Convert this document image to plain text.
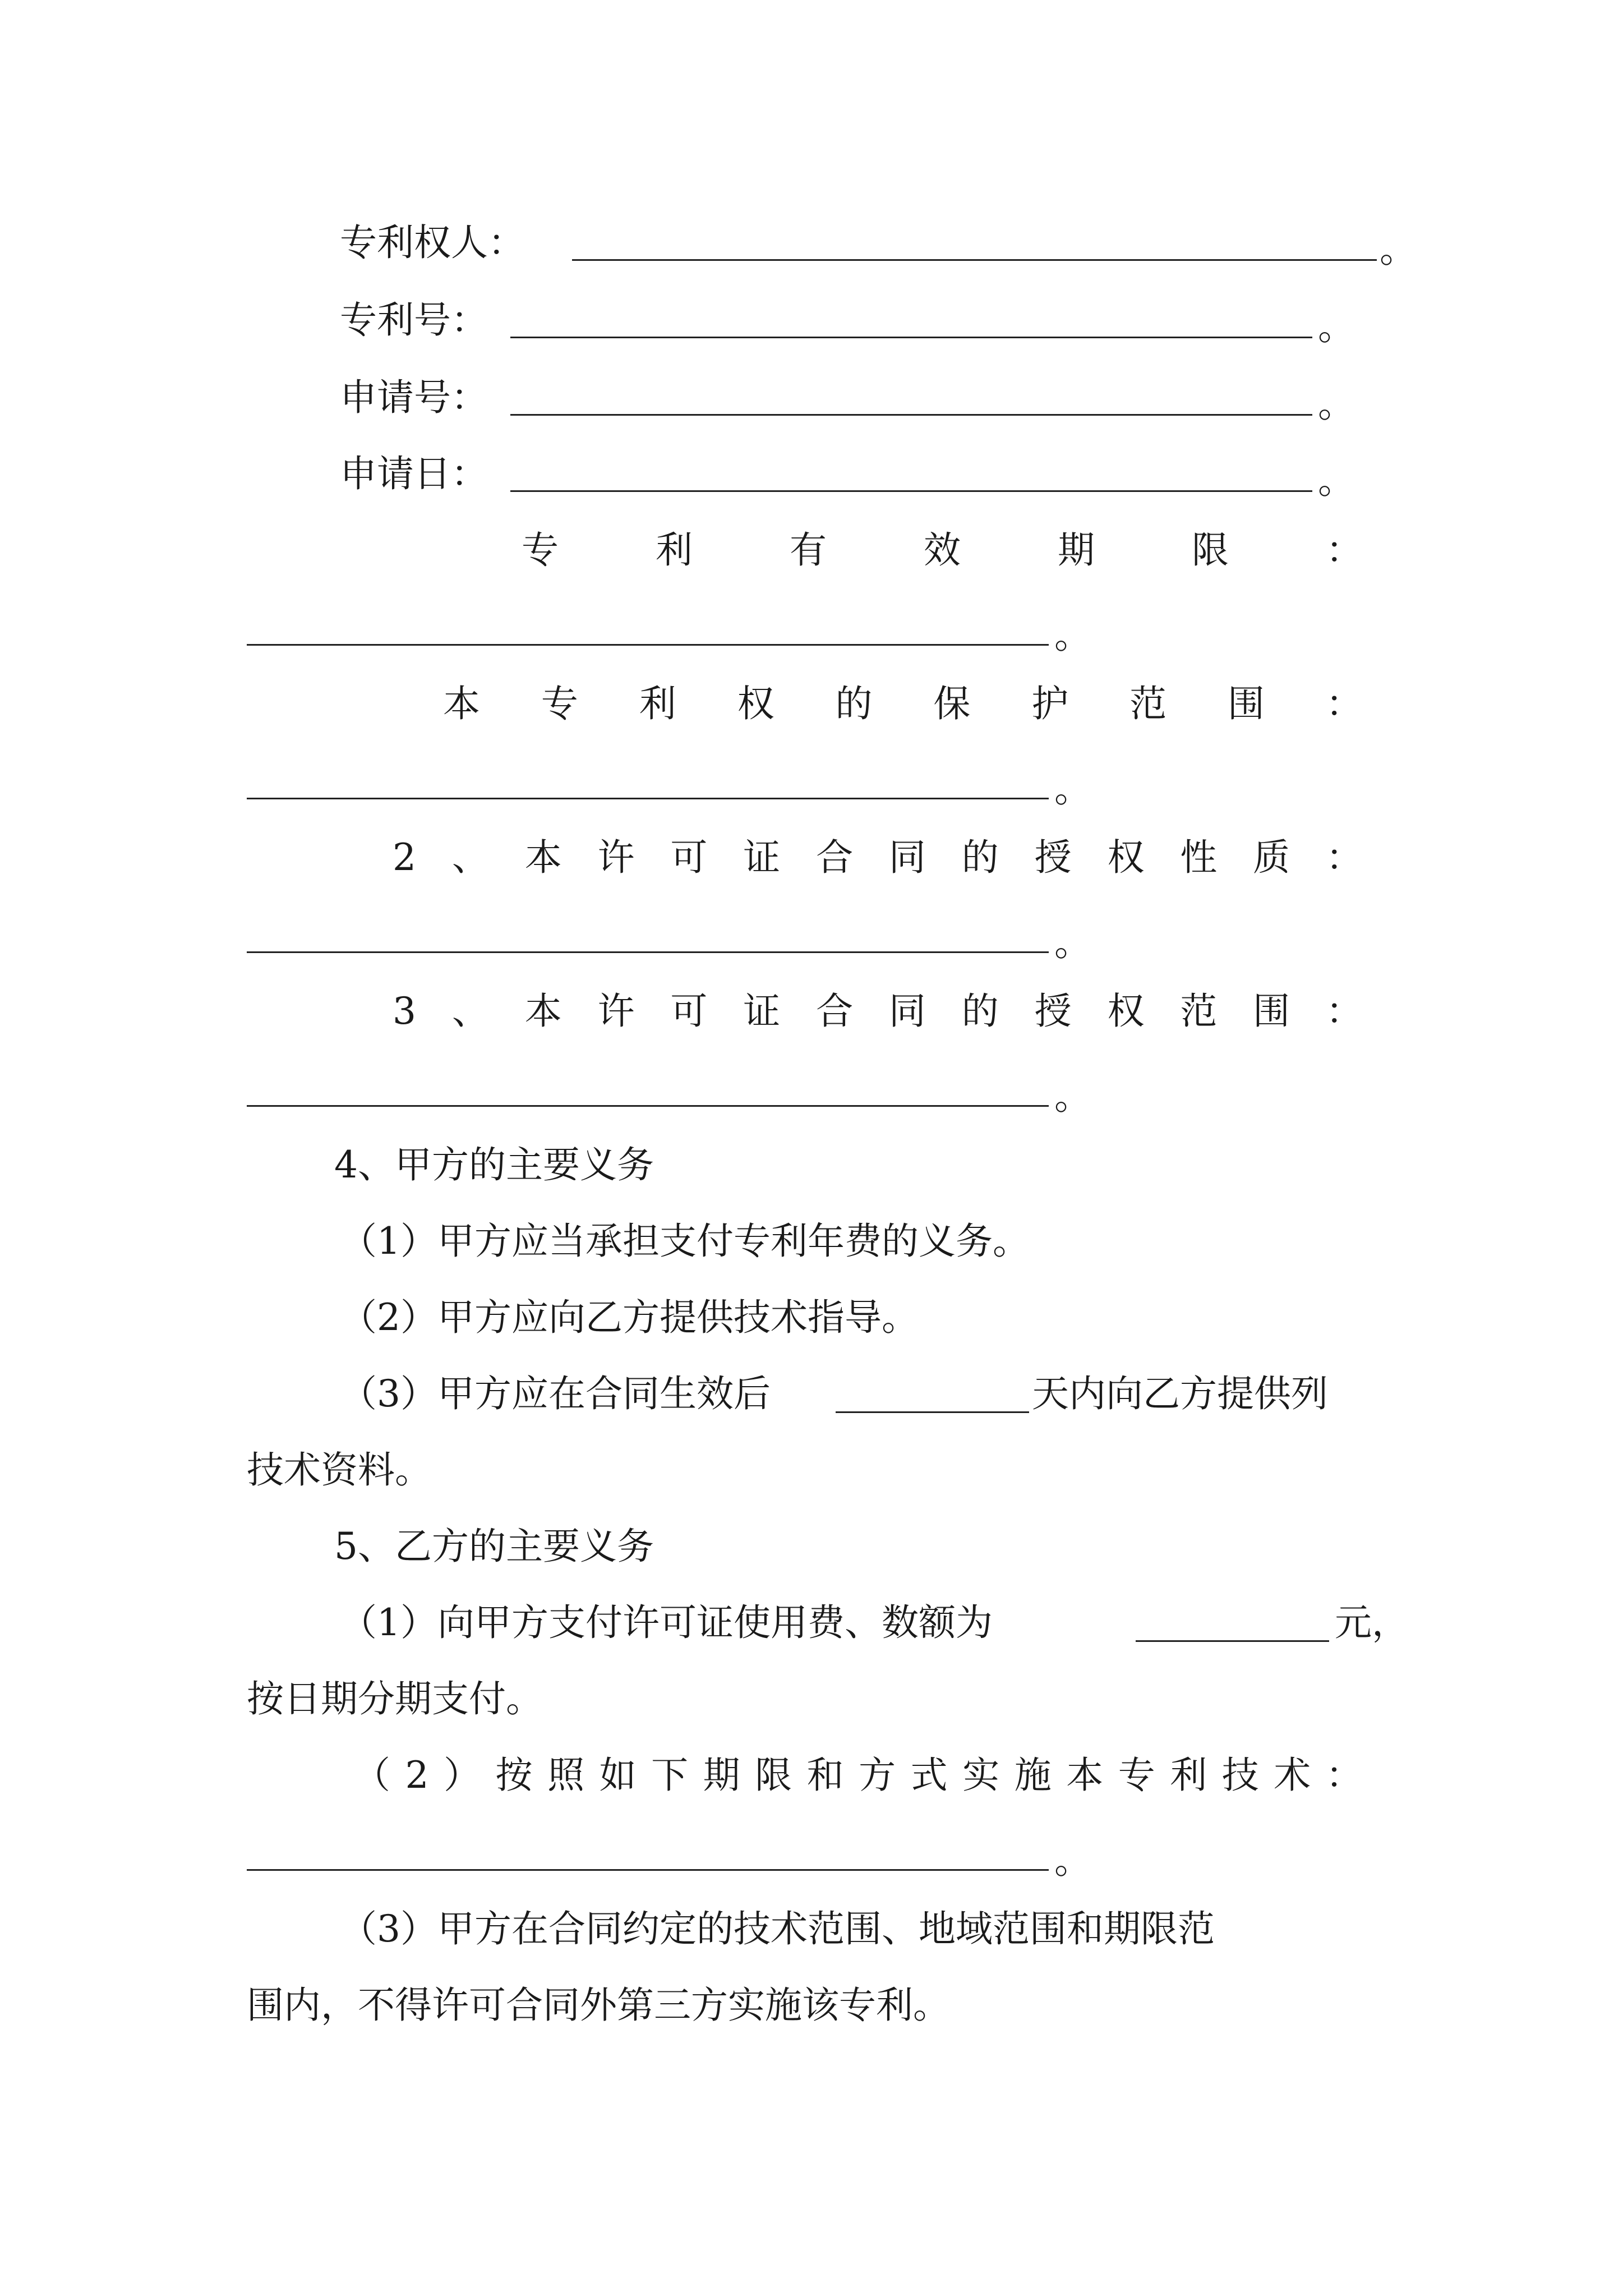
专利权人：	。
专利号：	。
申请号：	。
申请日：	。
专	利	有	效	期	限	：
。
本 专 利 权 的 保 护 范 围 ：
。
2 、 本 许 可 证 合 同 的 授 权 性 质 ：
。
3 、 本 许 可 证 合 同 的 授 权 范 围 ：
。
4、甲方的主要义务
（1）甲方应当承担支付专利年费的义务。
（2）甲方应向乙方提供技术指导。
（3）甲方应在合同生效后	天内向乙方提供列
技术资料。
5、乙方的主要义务
（1）向甲方支付许可证使用费、数额为	元，
按日期分期支付。
（ 2 ） 按 照 如 下 期 限 和 方 式 实 施 本 专 利 技 术 ：
。
（3）甲方在合同约定的技术范围、地域范围和期限范
围内，不得许可合同外第三方实施该专利。
